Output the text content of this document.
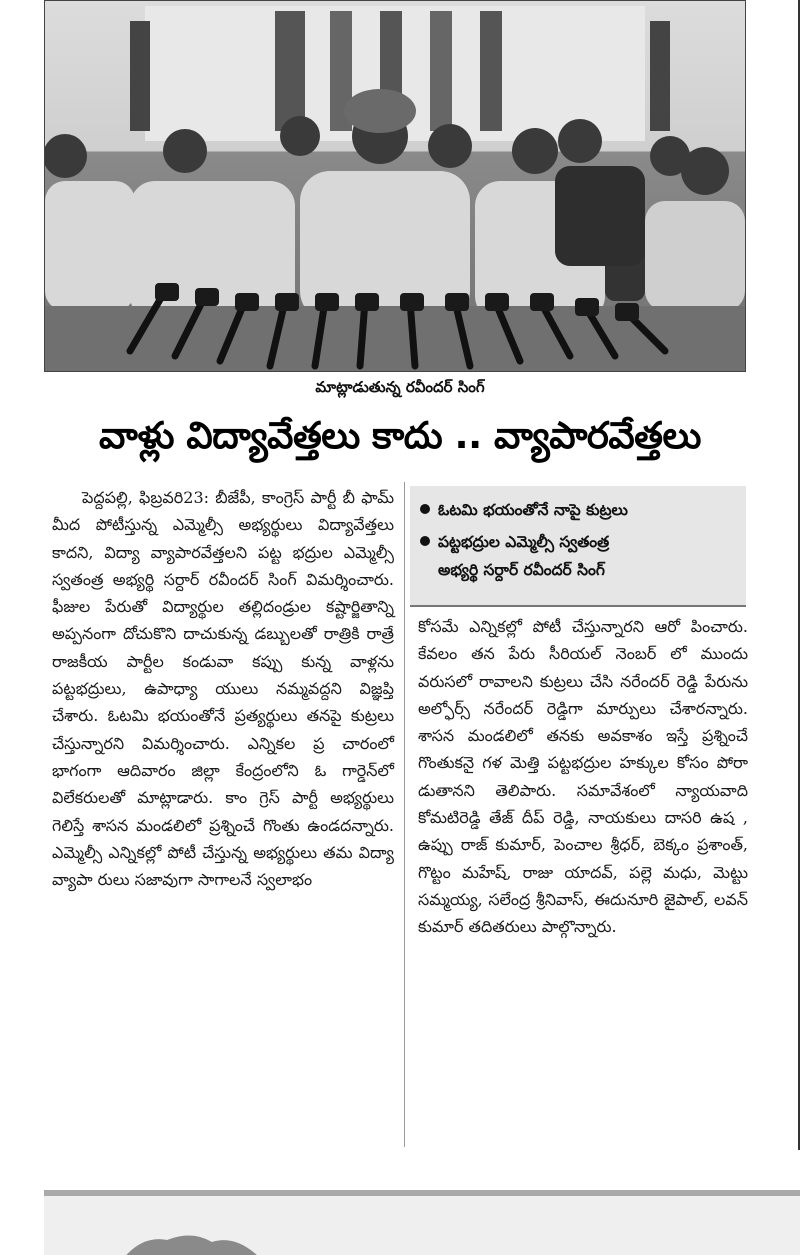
మాట్లాడుతున్న రవీందర్ సింగ్
వాళ్లు విద్యావేత్తలు కాదు .. వ్యాపారవేత్తలు
పెద్దపల్లి, ఫిబ్రవరి23: బీజేపీ, కాంగ్రెస్ పార్టీ బీ ఫామ్ మీద పోటీస్తున్న ఎమ్మెల్సీ అభ్యర్థులు విద్యావేత్తలు కాదని, విద్యా వ్యాపారవేత్తలని పట్ట భద్రుల ఎమ్మెల్సీ స్వతంత్ర అభ్యర్థి సర్దార్ రవీందర్ సింగ్ విమర్శించారు. ఫీజుల పేరుతో విద్యార్థుల తల్లిదండ్రుల కష్టార్జితాన్ని అప్పనంగా దోచుకొని దాచుకున్న డబ్బులతో రాత్రికి రాత్రే రాజకీయ పార్టీల కండువా కప్పు కున్న వాళ్లను పట్టభద్రులు, ఉపాధ్యా యులు నమ్మవద్దని విజ్ఞప్తి చేశారు. ఓటమి భయంతోనే ప్రత్యర్థులు తనపై కుట్రలు చేస్తున్నారని విమర్శించారు. ఎన్నికల ప్ర చారంలో భాగంగా ఆదివారం జిల్లా కేంద్రంలోని ఓ గార్డెన్‌లో విలేకరులతో మాట్లాడారు. కాం గ్రెస్ పార్టీ అభ్యర్థులు గెలిస్తే శాసన మండలిలో ప్రశ్నించే గొంతు ఉండదన్నారు. ఎమ్మెల్సీ ఎన్నికల్లో పోటీ చేస్తున్న అభ్యర్థులు తమ విద్యా వ్యాపా రులు సజావుగా సాగాలనే స్వలాభం
ఓటమి భయంతోనే నాపై కుట్రలు
పట్టభద్రుల ఎమ్మెల్సీ స్వతంత్ర
అభ్యర్థి సర్దార్ రవీందర్ సింగ్
కోసమే ఎన్నికల్లో పోటీ చేస్తున్నారని ఆరో పించారు. కేవలం తన పేరు సీరియల్ నెంబర్ లో ముందు వరుసలో రావాలని కుట్రలు చేసి నరేందర్ రెడ్డి పేరును అల్ఫోర్స్ నరేందర్ రెడ్డిగా మార్పులు చేశారన్నారు. శాసన మండలిలో తనకు అవకాశం ఇస్తే ప్రశ్నించే గొంతుకనై గళ మెత్తి పట్టభద్రుల హక్కుల కోసం పోరా డుతానని తెలిపారు. సమావేశంలో న్యాయవాది కోమటిరెడ్డి తేజ్ దీప్ రెడ్డి, నాయకులు దాసరి ఉష , ఉప్పు రాజ్ కుమార్, పెంచాల శ్రీధర్, బెక్కం ప్రశాంత్, గొట్టం మహేష్, రాజు యాదవ్, పల్లె మధు, మెట్టు సమ్మయ్య, సలేంద్ర శ్రీనివాస్, ఈదునూరి జైపాల్, లవన్ కుమార్ తదితరులు పాల్గొన్నారు.
